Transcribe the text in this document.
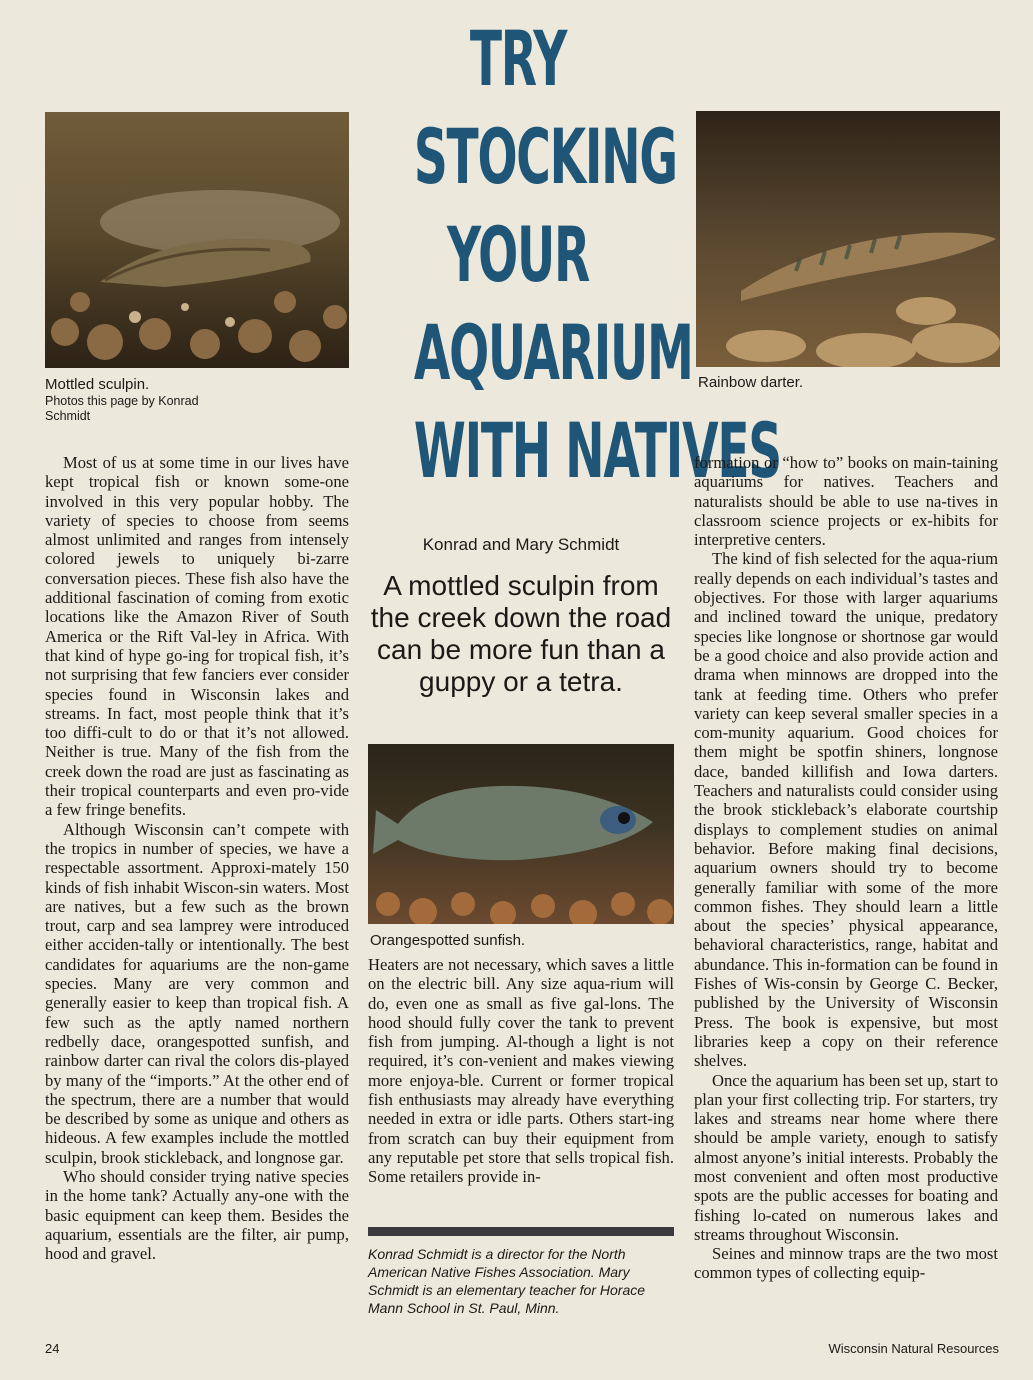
Mottled sculpin.
Photos this page by Konrad Schmidt
Rainbow darter.
Orangespotted sunfish.
TRY
STOCKING
YOUR
AQUARIUM
WITH NATIVES
Konrad and Mary Schmidt
A mottled sculpin from the creek down the road can be more fun than a guppy or a tetra.

Most of us at some time in our lives have kept tropical fish or known some-one involved in this very popular hobby. The variety of species to choose from seems almost unlimited and ranges from intensely colored jewels to uniquely bi-zarre conversation pieces. These fish also have the additional fascination of coming from exotic locations like the Amazon River of South America or the Rift Val-ley in Africa. With that kind of hype go-ing for tropical fish, it’s not surprising that few fanciers ever consider species found in Wisconsin lakes and streams. In fact, most people think that it’s too diffi-cult to do or that it’s not allowed. Neither is true. Many of the fish from the creek down the road are just as fascinating as their tropical counterparts and even pro-vide a few fringe benefits.

Although Wisconsin can’t compete with the tropics in number of species, we have a respectable assortment. Approxi-mately 150 kinds of fish inhabit Wiscon-sin waters. Most are natives, but a few such as the brown trout, carp and sea lamprey were introduced either acciden-tally or intentionally. The best candidates for aquariums are the non-game species. Many are very common and generally easier to keep than tropical fish. A few such as the aptly named northern redbelly dace, orangespotted sunfish, and rainbow darter can rival the colors dis-played by many of the “imports.” At the other end of the spectrum, there are a number that would be described by some as unique and others as hideous. A few examples include the mottled sculpin, brook stickleback, and longnose gar.

Who should consider trying native species in the home tank? Actually any-one with the basic equipment can keep them. Besides the aquarium, essentials are the filter, air pump, hood and gravel.

Heaters are not necessary, which saves a little on the electric bill. Any size aqua-rium will do, even one as small as five gal-lons. The hood should fully cover the tank to prevent fish from jumping. Al-though a light is not required, it’s con-venient and makes viewing more enjoya-ble. Current or former tropical fish enthusiasts may already have everything needed in extra or idle parts. Others start-ing from scratch can buy their equipment from any reputable pet store that sells tropical fish. Some retailers provide in-

formation or “how to” books on main-taining aquariums for natives. Teachers and naturalists should be able to use na-tives in classroom science projects or ex-hibits for interpretive centers.

The kind of fish selected for the aqua-rium really depends on each individual’s tastes and objectives. For those with larger aquariums and inclined toward the unique, predatory species like longnose or shortnose gar would be a good choice and also provide action and drama when minnows are dropped into the tank at feeding time. Others who prefer variety can keep several smaller species in a com-munity aquarium. Good choices for them might be spotfin shiners, longnose dace, banded killifish and Iowa darters. Teachers and naturalists could consider using the brook stickleback’s elaborate courtship displays to complement studies on animal behavior. Before making final decisions, aquarium owners should try to become generally familiar with some of the more common fishes. They should learn a little about the species’ physical appearance, behavioral characteristics, range, habitat and abundance. This in-formation can be found in Fishes of Wis-consin by George C. Becker, published by the University of Wisconsin Press. The book is expensive, but most libraries keep a copy on their reference shelves.

Once the aquarium has been set up, start to plan your first collecting trip. For starters, try lakes and streams near home where there should be ample variety, enough to satisfy almost anyone’s initial interests. Probably the most convenient and often most productive spots are the public accesses for boating and fishing lo-cated on numerous lakes and streams throughout Wisconsin.

Seines and minnow traps are the two most common types of collecting equip-

Konrad Schmidt is a director for the North American Native Fishes Association. Mary Schmidt is an elementary teacher for Horace Mann School in St. Paul, Minn.
24	Wisconsin Natural Resources
